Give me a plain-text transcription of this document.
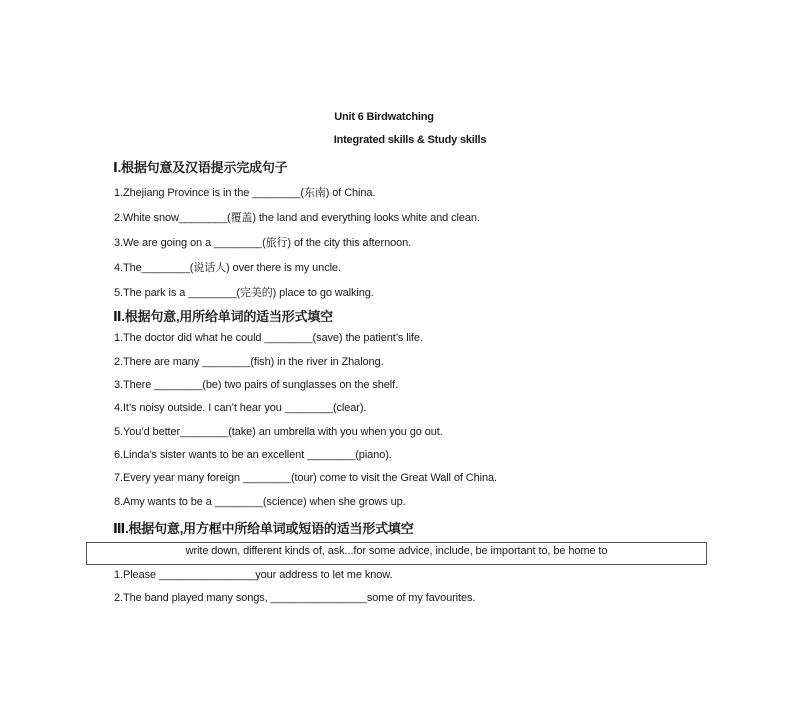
Unit 6 Birdwatching
Integrated skills & Study skills
Ⅰ.根据句意及汉语提示完成句子
1.Zhejiang Province is in the ________(东南) of China.
2.White snow________(覆盖) the land and everything looks white and clean.
3.We are going on a ________(旅行) of the city this afternoon.
4.The________(说话人) over there is my uncle.
5.The park is a ________(完美的) place to go walking.
Ⅱ.根据句意,用所给单词的适当形式填空
1.The doctor did what he could ________(save) the patient’s life.
2.There are many ________(fish) in the river in Zhalong.
3.There ________(be) two pairs of sunglasses on the shelf.
4.It’s noisy outside. I can’t hear you ________(clear).
5.You’d better________(take) an umbrella with you when you go out.
6.Linda’s sister wants to be an excellent ________(piano).
7.Every year many foreign ________(tour) come to visit the Great Wall of China.
8.Amy wants to be a ________(science) when she grows up.
Ⅲ.根据句意,用方框中所给单词或短语的适当形式填空
write down, different kinds of, ask...for some advice, include, be important to, be home to
1.Please ________________your address to let me know.
2.The band played many songs, ________________some of my favourites.
